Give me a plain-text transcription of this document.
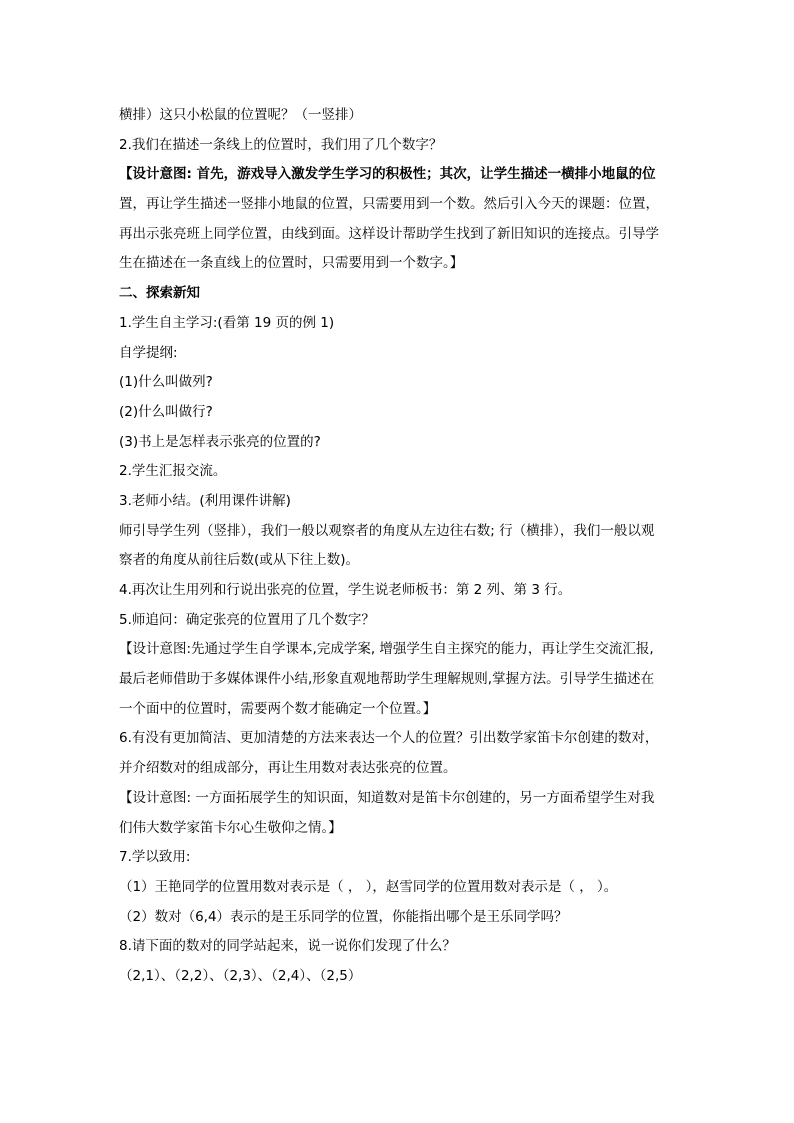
横排）这只小松鼠的位置呢？（一竖排）
2.我们在描述一条线上的位置时，我们用了几个数字？
【设计意图: 首先，游戏导入激发学生学习的积极性；其次，让学生描述一横排小地鼠的位
置，再让学生描述一竖排小地鼠的位置，只需要用到一个数。然后引入今天的课题：位置，
再出示张亮班上同学位置，由线到面。这样设计帮助学生找到了新旧知识的连接点。引导学
生在描述在一条直线上的位置时，只需要用到一个数字。】
二、探索新知
1.学生自主学习:(看第 19 页的例 1)
自学提纲:
(1)什么叫做列?
(2)什么叫做行?
(3)书上是怎样表示张亮的位置的?
2.学生汇报交流。
3.老师小结。(利用课件讲解)
师引导学生列（竖排），我们一般以观察者的角度从左边往右数; 行（横排），我们一般以观
察者的角度从前往后数(或从下往上数)。
4.再次让生用列和行说出张亮的位置，学生说老师板书：第 2 列、第 3 行。
5.师追问：确定张亮的位置用了几个数字？
【设计意图:先通过学生自学课本,完成学案, 增强学生自主探究的能力，再让学生交流汇报,
最后老师借助于多媒体课件小结,形象直观地帮助学生理解规则,掌握方法。引导学生描述在
一个面中的位置时，需要两个数才能确定一个位置。】
6.有没有更加简洁、更加清楚的方法来表达一个人的位置？引出数学家笛卡尔创建的数对，
并介绍数对的组成部分，再让生用数对表达张亮的位置。
【设计意图: 一方面拓展学生的知识面，知道数对是笛卡尔创建的，另一方面希望学生对我
们伟大数学家笛卡尔心生敬仰之情。】
7.学以致用:
（1）王艳同学的位置用数对表示是（ ， ），赵雪同学的位置用数对表示是（ ， ）。
（2）数对（6,4）表示的是王乐同学的位置，你能指出哪个是王乐同学吗？
8.请下面的数对的同学站起来，说一说你们发现了什么？
（2,1）、（2,2）、（2,3）、（2,4）、（2,5）
